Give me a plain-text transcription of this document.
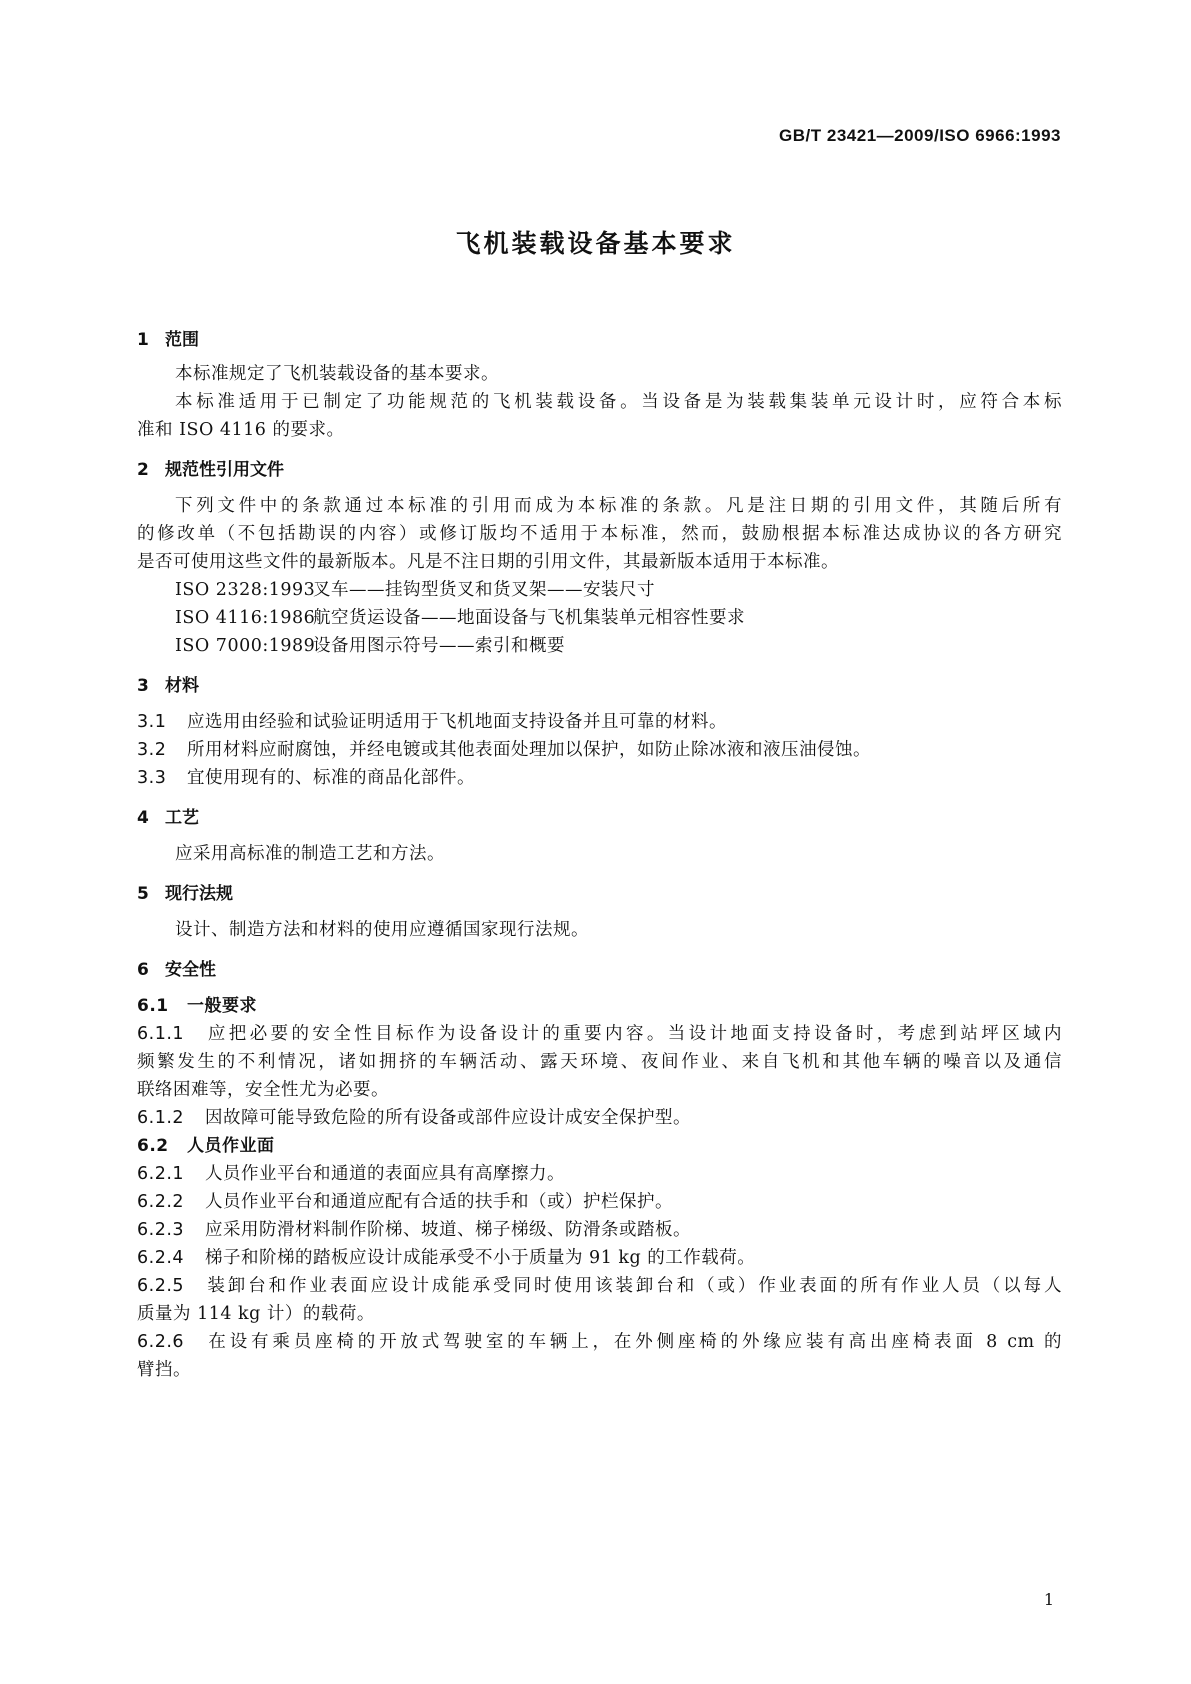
GB/T 23421—2009/ISO 6966:1993
飞机装载设备基本要求
1 范围
本标准规定了飞机装载设备的基本要求。
本标准适用于已制定了功能规范的飞机装载设备。当设备是为装载集装单元设计时，应符合本标
准和 ISO 4116 的要求。
2 规范性引用文件
下列文件中的条款通过本标准的引用而成为本标准的条款。凡是注日期的引用文件，其随后所有
的修改单（不包括勘误的内容）或修订版均不适用于本标准，然而，鼓励根据本标准达成协议的各方研究
是否可使用这些文件的最新版本。凡是不注日期的引用文件，其最新版本适用于本标准。
ISO 2328:1993叉车——挂钩型货叉和货叉架——安装尺寸
ISO 4116:1986航空货运设备——地面设备与飞机集装单元相容性要求
ISO 7000:1989设备用图示符号——索引和概要
3 材料
3.1 应选用由经验和试验证明适用于飞机地面支持设备并且可靠的材料。
3.2 所用材料应耐腐蚀，并经电镀或其他表面处理加以保护，如防止除冰液和液压油侵蚀。
3.3 宜使用现有的、标准的商品化部件。
4 工艺
应采用高标准的制造工艺和方法。
5 现行法规
设计、制造方法和材料的使用应遵循国家现行法规。
6 安全性
6.1 一般要求
6.1.1 应把必要的安全性目标作为设备设计的重要内容。当设计地面支持设备时，考虑到站坪区域内
频繁发生的不利情况，诸如拥挤的车辆活动、露天环境、夜间作业、来自飞机和其他车辆的噪音以及通信
联络困难等，安全性尤为必要。
6.1.2 因故障可能导致危险的所有设备或部件应设计成安全保护型。
6.2 人员作业面
6.2.1 人员作业平台和通道的表面应具有高摩擦力。
6.2.2 人员作业平台和通道应配有合适的扶手和（或）护栏保护。
6.2.3 应采用防滑材料制作阶梯、坡道、梯子梯级、防滑条或踏板。
6.2.4 梯子和阶梯的踏板应设计成能承受不小于质量为 91 kg 的工作载荷。
6.2.5 装卸台和作业表面应设计成能承受同时使用该装卸台和（或）作业表面的所有作业人员（以每人
质量为 114 kg 计）的载荷。
6.2.6 在设有乘员座椅的开放式驾驶室的车辆上，在外侧座椅的外缘应装有高出座椅表面 8 cm 的
臂挡。
1
